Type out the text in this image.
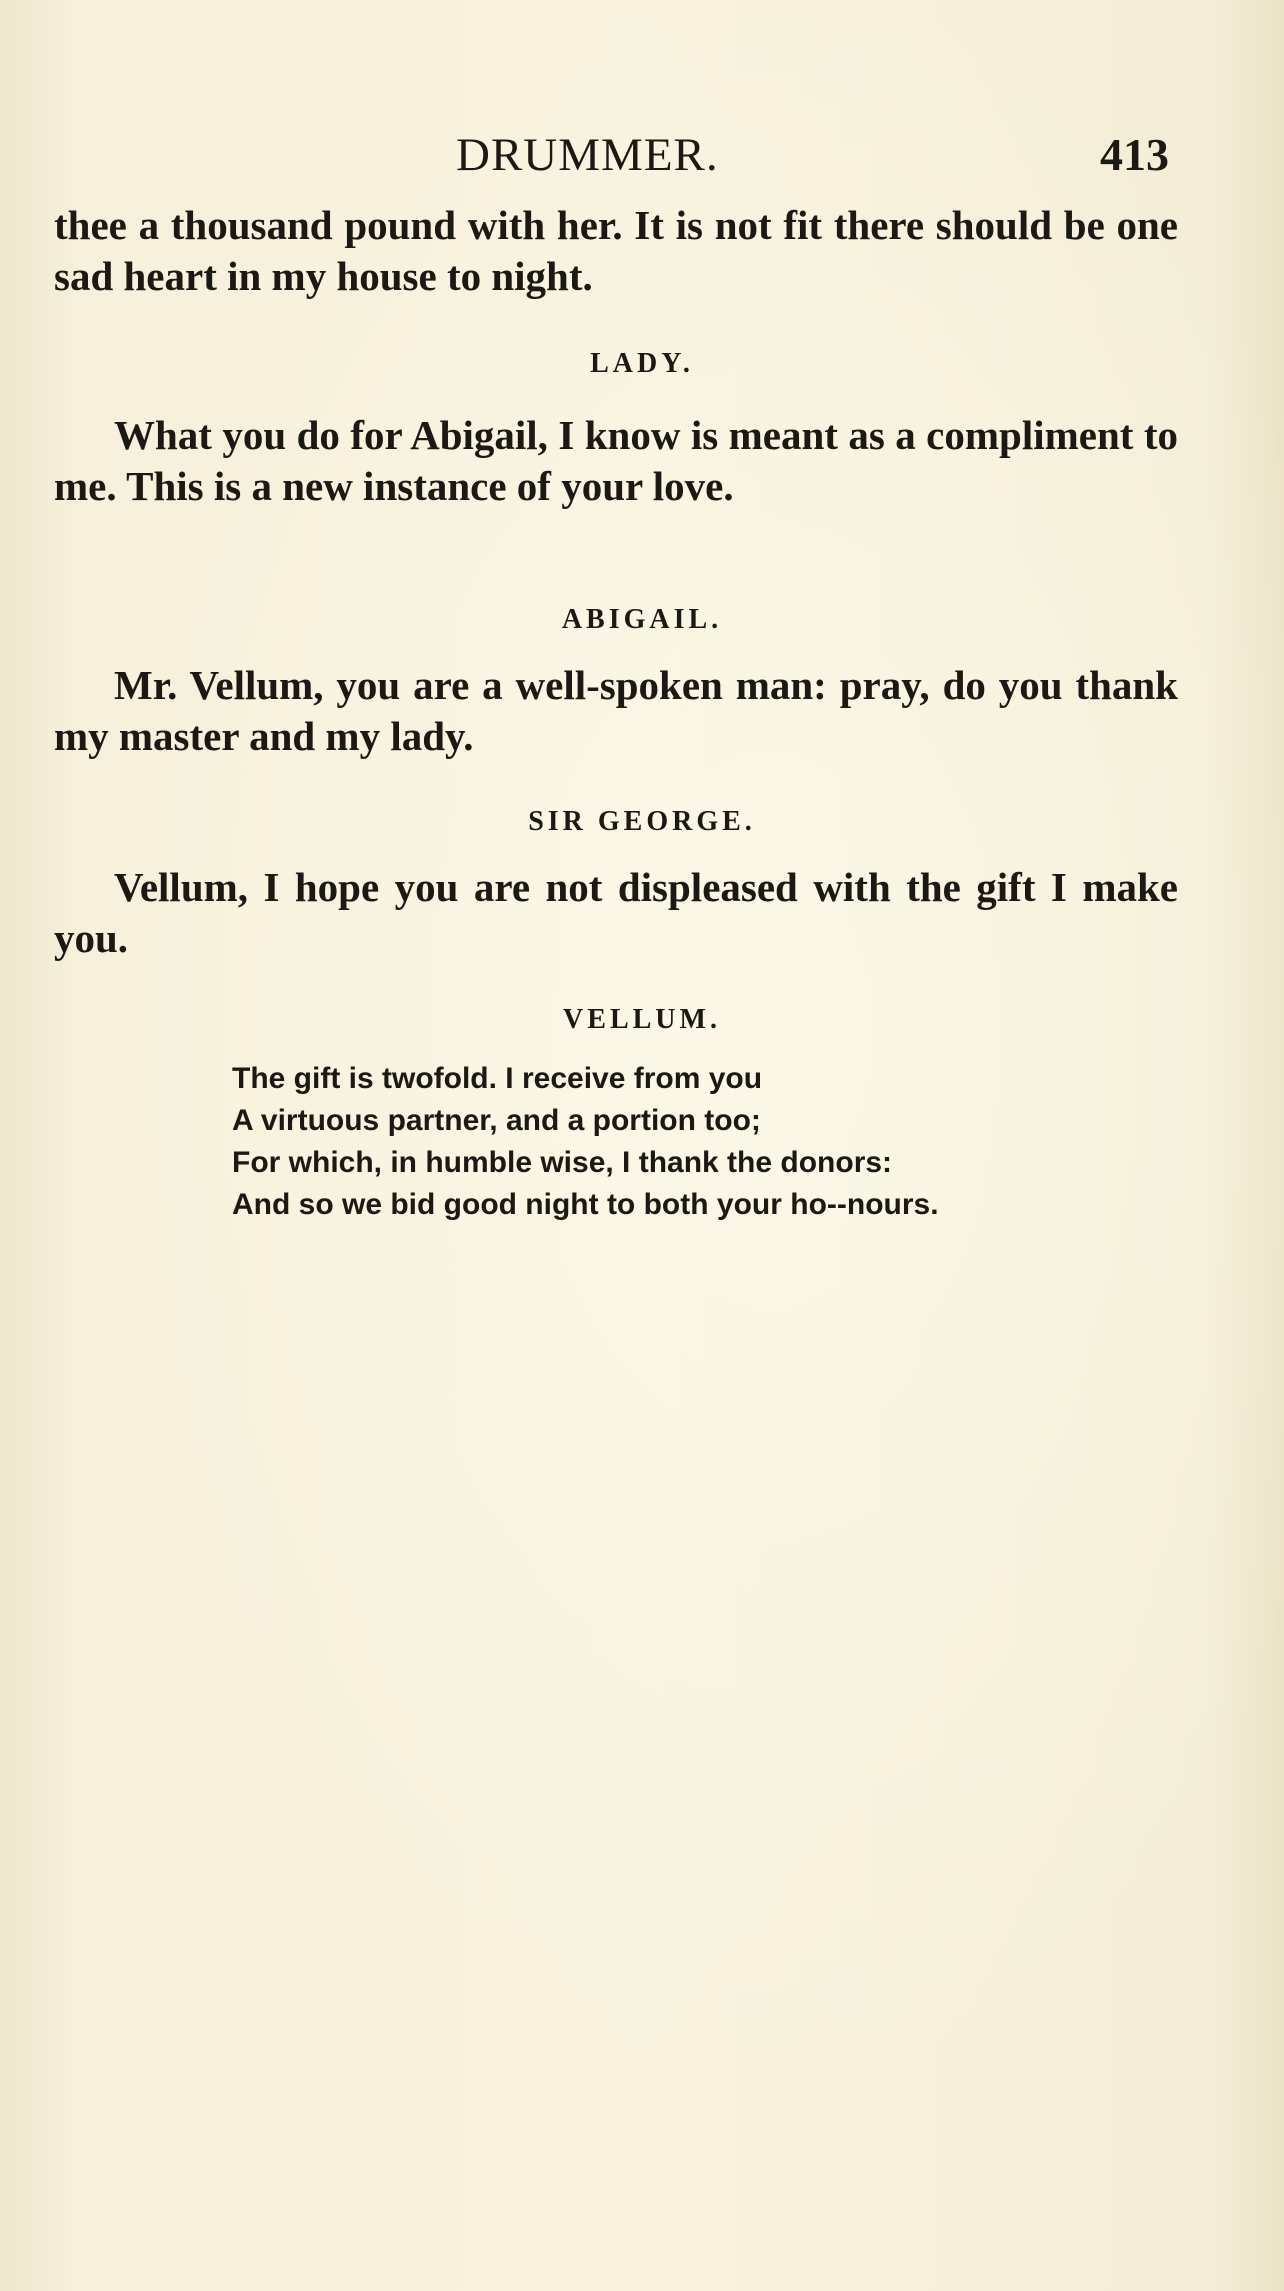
DRUMMER.	413
thee a thousand pound with her. It is not fit there should be one sad heart in my house to night.
LADY.
What you do for Abigail, I know is meant as a compliment to me. This is a new instance of your love.
ABIGAIL.
Mr. Vellum, you are a well-spoken man: pray, do you thank my master and my lady.
SIR GEORGE.
Vellum, I hope you are not displeased with the gift I make you.
VELLUM.
The gift is twofold. I receive from you
A virtuous partner, and a portion too;
For which, in humble wise, I thank the donors:
And so we bid good night to both your ho--nours.
